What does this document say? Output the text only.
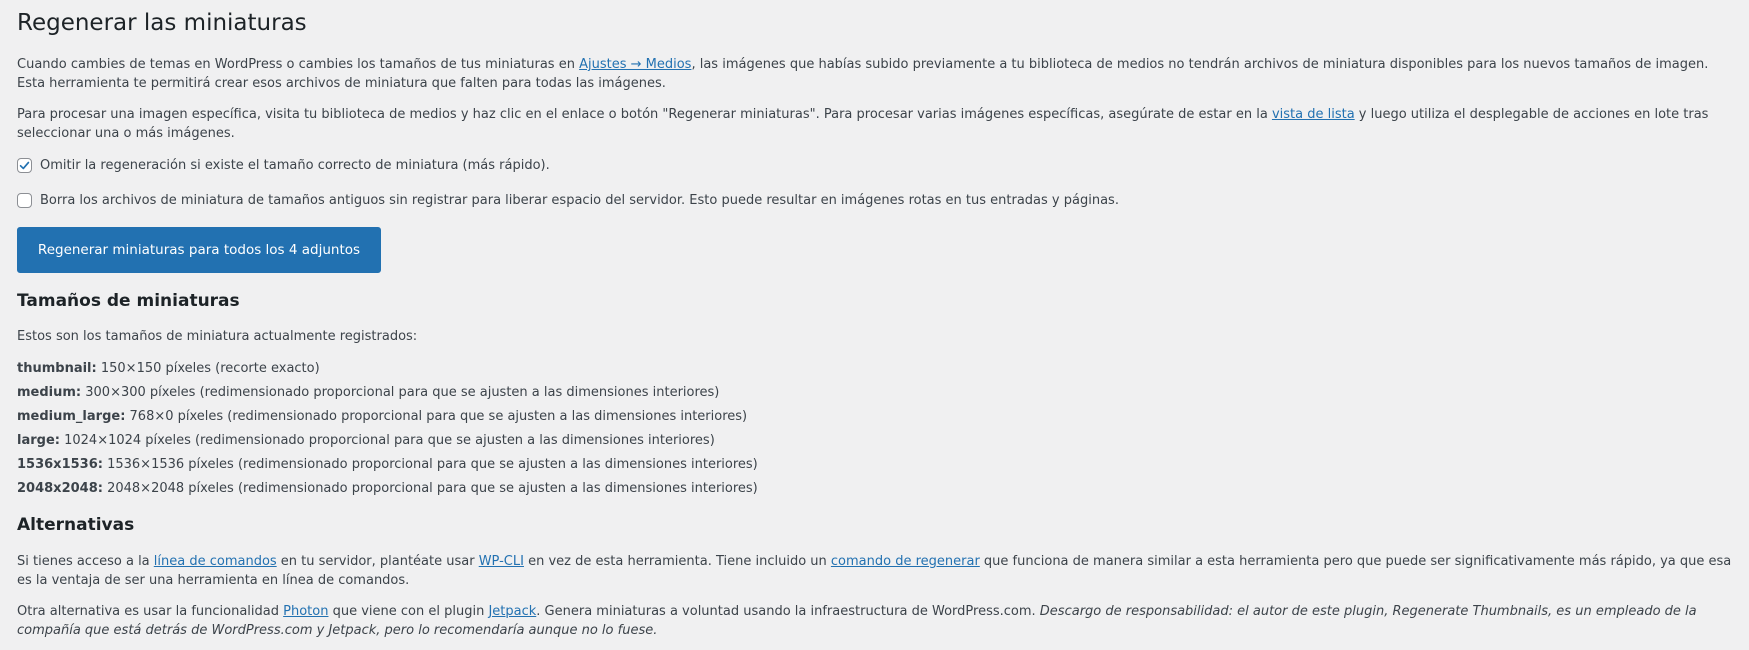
Regenerar las miniaturas

Cuando cambies de temas en WordPress o cambies los tamaños de tus miniaturas en Ajustes → Medios, las imágenes que habías subido previamente a tu biblioteca de medios no tendrán archivos de miniatura disponibles para los nuevos tamaños de imagen. Esta herramienta te permitirá crear esos archivos de miniatura que falten para todas las imágenes.

Para procesar una imagen específica, visita tu biblioteca de medios y haz clic en el enlace o botón "Regenerar miniaturas". Para procesar varias imágenes específicas, asegúrate de estar en la vista de lista y luego utiliza el desplegable de acciones en lote tras seleccionar una o más imágenes.

Omitir la regeneración si existe el tamaño correcto de miniatura (más rápido).
Borra los archivos de miniatura de tamaños antiguos sin registrar para liberar espacio del servidor. Esto puede resultar en imágenes rotas en tus entradas y páginas.
Regenerar miniaturas para todos los 4 adjuntos
Tamaños de miniaturas

Estos son los tamaños de miniatura actualmente registrados:

thumbnail: 150×150 píxeles (recorte exacto)
medium: 300×300 píxeles (redimensionado proporcional para que se ajusten a las dimensiones interiores)
medium_large: 768×0 píxeles (redimensionado proporcional para que se ajusten a las dimensiones interiores)
large: 1024×1024 píxeles (redimensionado proporcional para que se ajusten a las dimensiones interiores)
1536x1536: 1536×1536 píxeles (redimensionado proporcional para que se ajusten a las dimensiones interiores)
2048x2048: 2048×2048 píxeles (redimensionado proporcional para que se ajusten a las dimensiones interiores)
Alternativas

Si tienes acceso a la línea de comandos en tu servidor, plantéate usar WP-CLI en vez de esta herramienta. Tiene incluido un comando de regenerar que funciona de manera similar a esta herramienta pero que puede ser significativamente más rápido, ya que esa es la ventaja de ser una herramienta en línea de comandos.

Otra alternativa es usar la funcionalidad Photon que viene con el plugin Jetpack. Genera miniaturas a voluntad usando la infraestructura de WordPress.com. Descargo de responsabilidad: el autor de este plugin, Regenerate Thumbnails, es un empleado de la compañía que está detrás de WordPress.com y Jetpack, pero lo recomendaría aunque no lo fuese.
